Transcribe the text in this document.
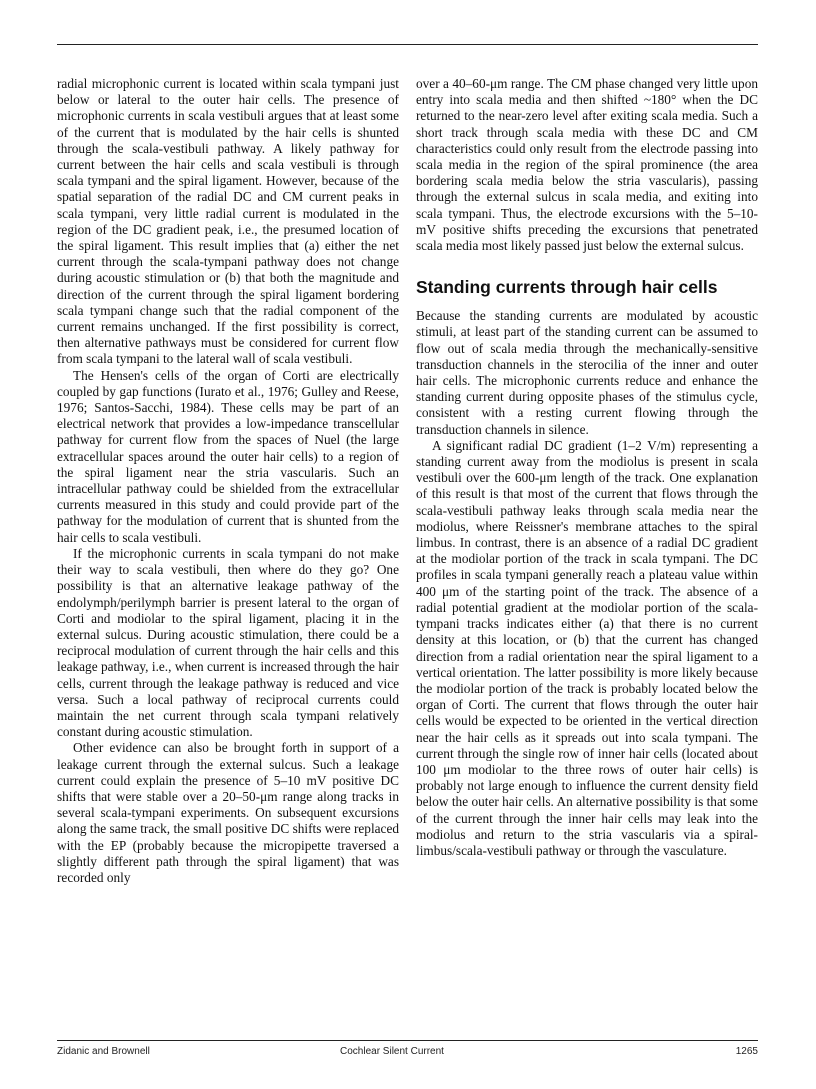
radial microphonic current is located within scala tympani just below or lateral to the outer hair cells. The presence of microphonic currents in scala vestibuli argues that at least some of the current that is modulated by the hair cells is shunted through the scala-vestibuli pathway. A likely pathway for current between the hair cells and scala vestibuli is through scala tympani and the spiral ligament. However, because of the spatial separation of the radial DC and CM current peaks in scala tympani, very little radial current is modulated in the region of the DC gradient peak, i.e., the presumed location of the spiral ligament. This result implies that (a) either the net current through the scala-tympani pathway does not change during acoustic stimulation or (b) that both the magnitude and direction of the current through the spiral ligament bordering scala tympani change such that the radial component of the current remains unchanged. If the first possibility is correct, then alternative pathways must be considered for current flow from scala tympani to the lateral wall of scala vestibuli.

The Hensen's cells of the organ of Corti are electrically coupled by gap functions (Iurato et al., 1976; Gulley and Reese, 1976; Santos-Sacchi, 1984). These cells may be part of an electrical network that provides a low-impedance transcellular pathway for current flow from the spaces of Nuel (the large extracellular spaces around the outer hair cells) to a region of the spiral ligament near the stria vascularis. Such an intracellular pathway could be shielded from the extracellular currents measured in this study and could provide part of the pathway for the modulation of current that is shunted from the hair cells to scala vestibuli.

If the microphonic currents in scala tympani do not make their way to scala vestibuli, then where do they go? One possibility is that an alternative leakage pathway of the endolymph/perilymph barrier is present lateral to the organ of Corti and modiolar to the spiral ligament, placing it in the external sulcus. During acoustic stimulation, there could be a reciprocal modulation of current through the hair cells and this leakage pathway, i.e., when current is increased through the hair cells, current through the leakage pathway is reduced and vice versa. Such a local pathway of reciprocal currents could maintain the net current through scala tympani relatively constant during acoustic stimulation.

Other evidence can also be brought forth in support of a leakage current through the external sulcus. Such a leakage current could explain the presence of 5–10 mV positive DC shifts that were stable over a 20–50-μm range along tracks in several scala-tympani experiments. On subsequent excursions along the same track, the small positive DC shifts were replaced with the EP (probably because the micropipette traversed a slightly different path through the spiral ligament) that was recorded only

over a 40–60-μm range. The CM phase changed very little upon entry into scala media and then shifted ~180° when the DC returned to the near-zero level after exiting scala media. Such a short track through scala media with these DC and CM characteristics could only result from the electrode passing into scala media in the region of the spiral prominence (the area bordering scala media below the stria vascularis), passing through the external sulcus in scala media, and exiting into scala tympani. Thus, the electrode excursions with the 5–10-mV positive shifts preceding the excursions that penetrated scala media most likely passed just below the external sulcus.

Standing currents through hair cells

Because the standing currents are modulated by acoustic stimuli, at least part of the standing current can be assumed to flow out of scala media through the mechanically-sensitive transduction channels in the sterocilia of the inner and outer hair cells. The microphonic currents reduce and enhance the standing current during opposite phases of the stimulus cycle, consistent with a resting current flowing through the transduction channels in silence.

A significant radial DC gradient (1–2 V/m) representing a standing current away from the modiolus is present in scala vestibuli over the 600-μm length of the track. One explanation of this result is that most of the current that flows through the scala-vestibuli pathway leaks through scala media near the modiolus, where Reissner's membrane attaches to the spiral limbus. In contrast, there is an absence of a radial DC gradient at the modiolar portion of the track in scala tympani. The DC profiles in scala tympani generally reach a plateau value within 400 μm of the starting point of the track. The absence of a radial potential gradient at the modiolar portion of the scala-tympani tracks indicates either (a) that there is no current density at this location, or (b) that the current has changed direction from a radial orientation near the spiral ligament to a vertical orientation. The latter possibility is more likely because the modiolar portion of the track is probably located below the organ of Corti. The current that flows through the outer hair cells would be expected to be oriented in the vertical direction near the hair cells as it spreads out into scala tympani. The current through the single row of inner hair cells (located about 100 μm modiolar to the three rows of outer hair cells) is probably not large enough to influence the current density field below the outer hair cells. An alternative possibility is that some of the current through the inner hair cells may leak into the modiolus and return to the stria vascularis via a spiral-limbus/scala-vestibuli pathway or through the vasculature.

Zidanic and Brownell	Cochlear Silent Current	1265
